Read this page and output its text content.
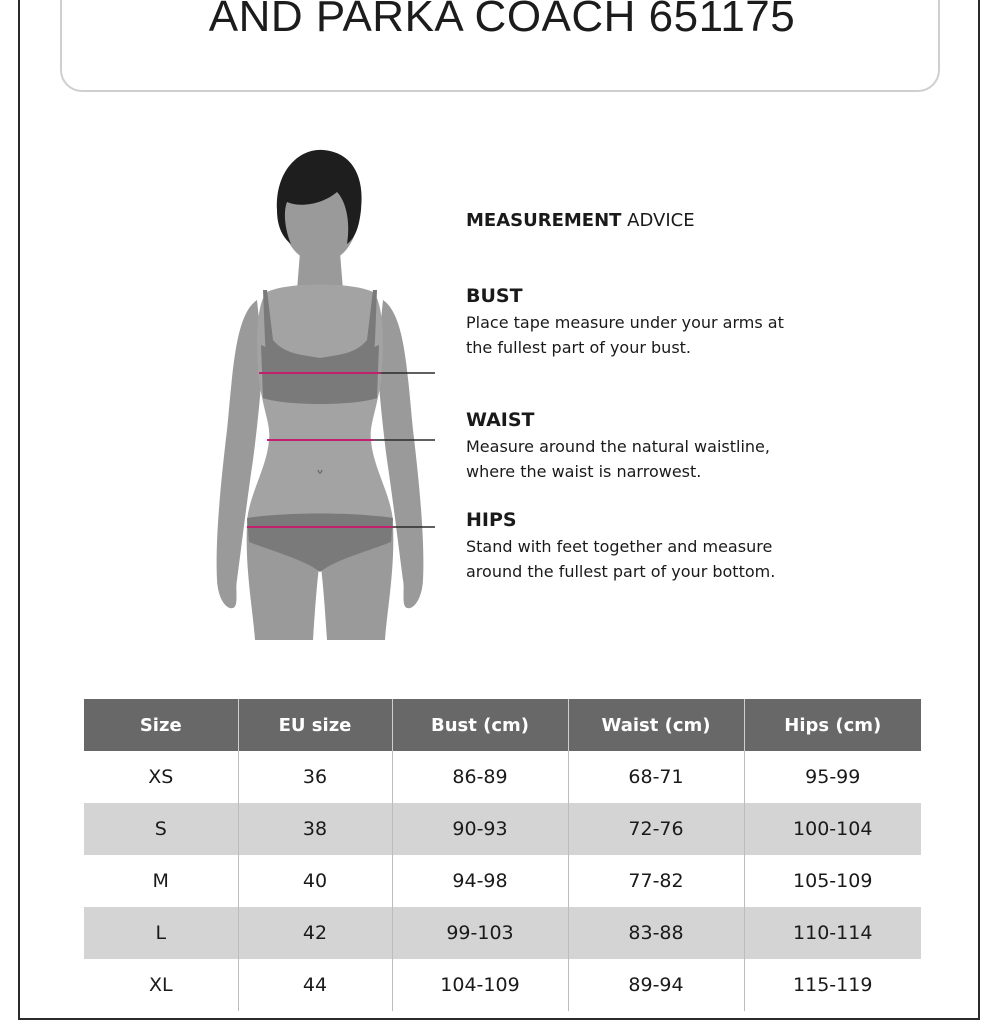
AND PARKA COACH 651175
MEASUREMENT ADVICE
BUST
Place tape measure under your arms at
the fullest part of your bust.
WAIST
Measure around the natural waistline,
where the waist is narrowest.
HIPS
Stand with feet together and measure
around the fullest part of your bottom.
Size	EU size	Bust (cm)	Waist (cm)	Hips (cm)
XS	36	86-89	68-71	95-99
S	38	90-93	72-76	100-104
M	40	94-98	77-82	105-109
L	42	99-103	83-88	110-114
XL	44	104-109	89-94	115-119
